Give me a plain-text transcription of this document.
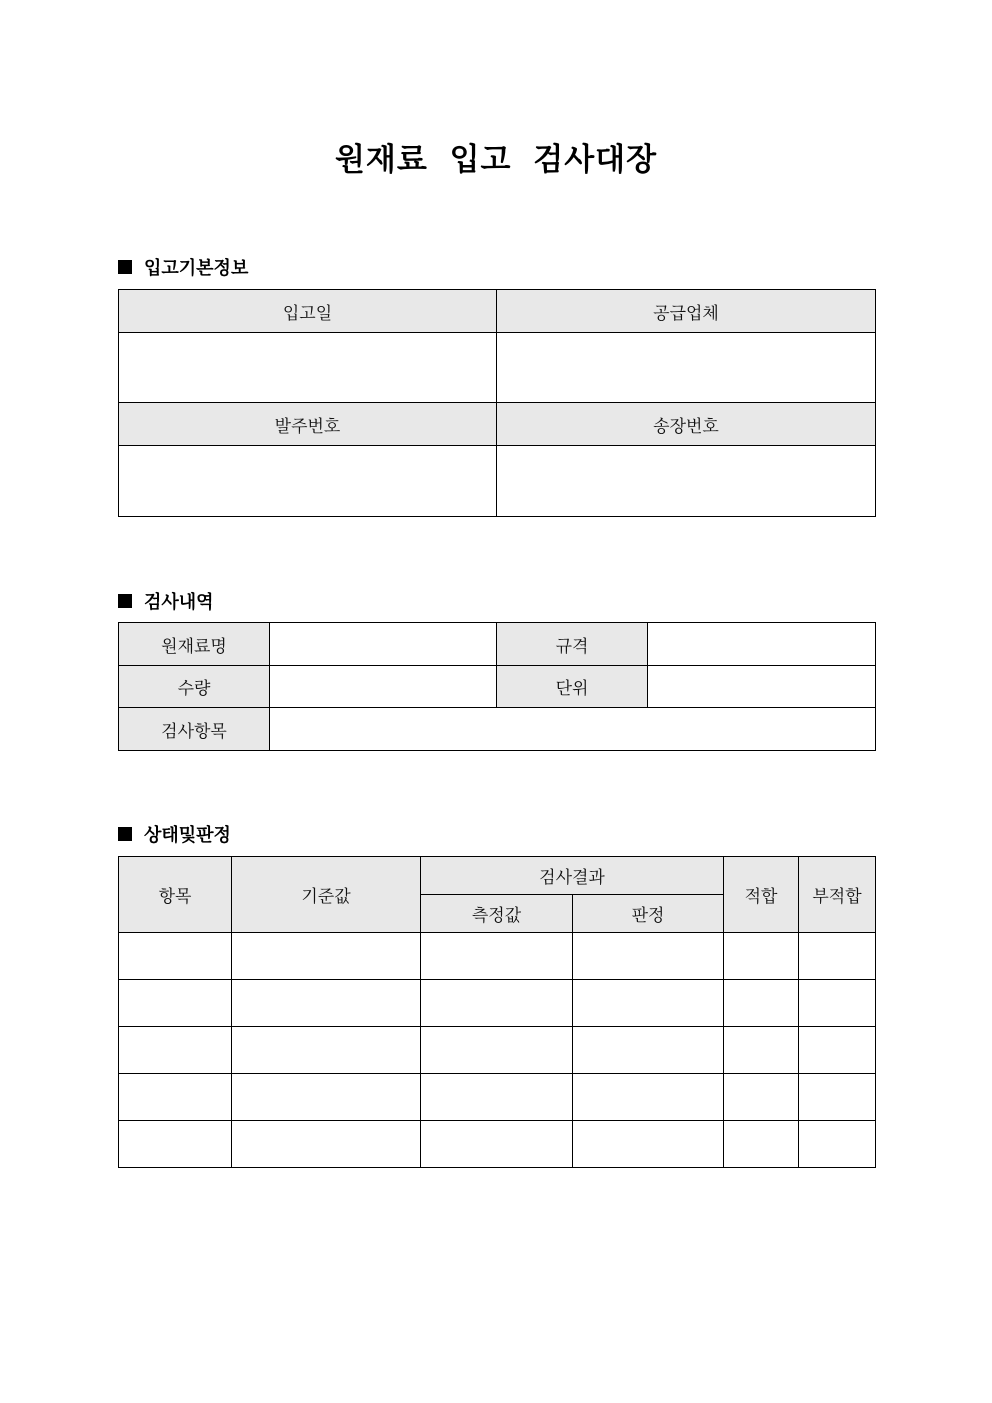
원재료 입고 검사대장
입고기본정보
입고일	공급업체

발주번호	송장번호

검사내역
원재료명		규격	
수량		단위	
검사항목			
상태및판정
항목	기준값	검사결과		적합	부적합
		측정값	판정		
